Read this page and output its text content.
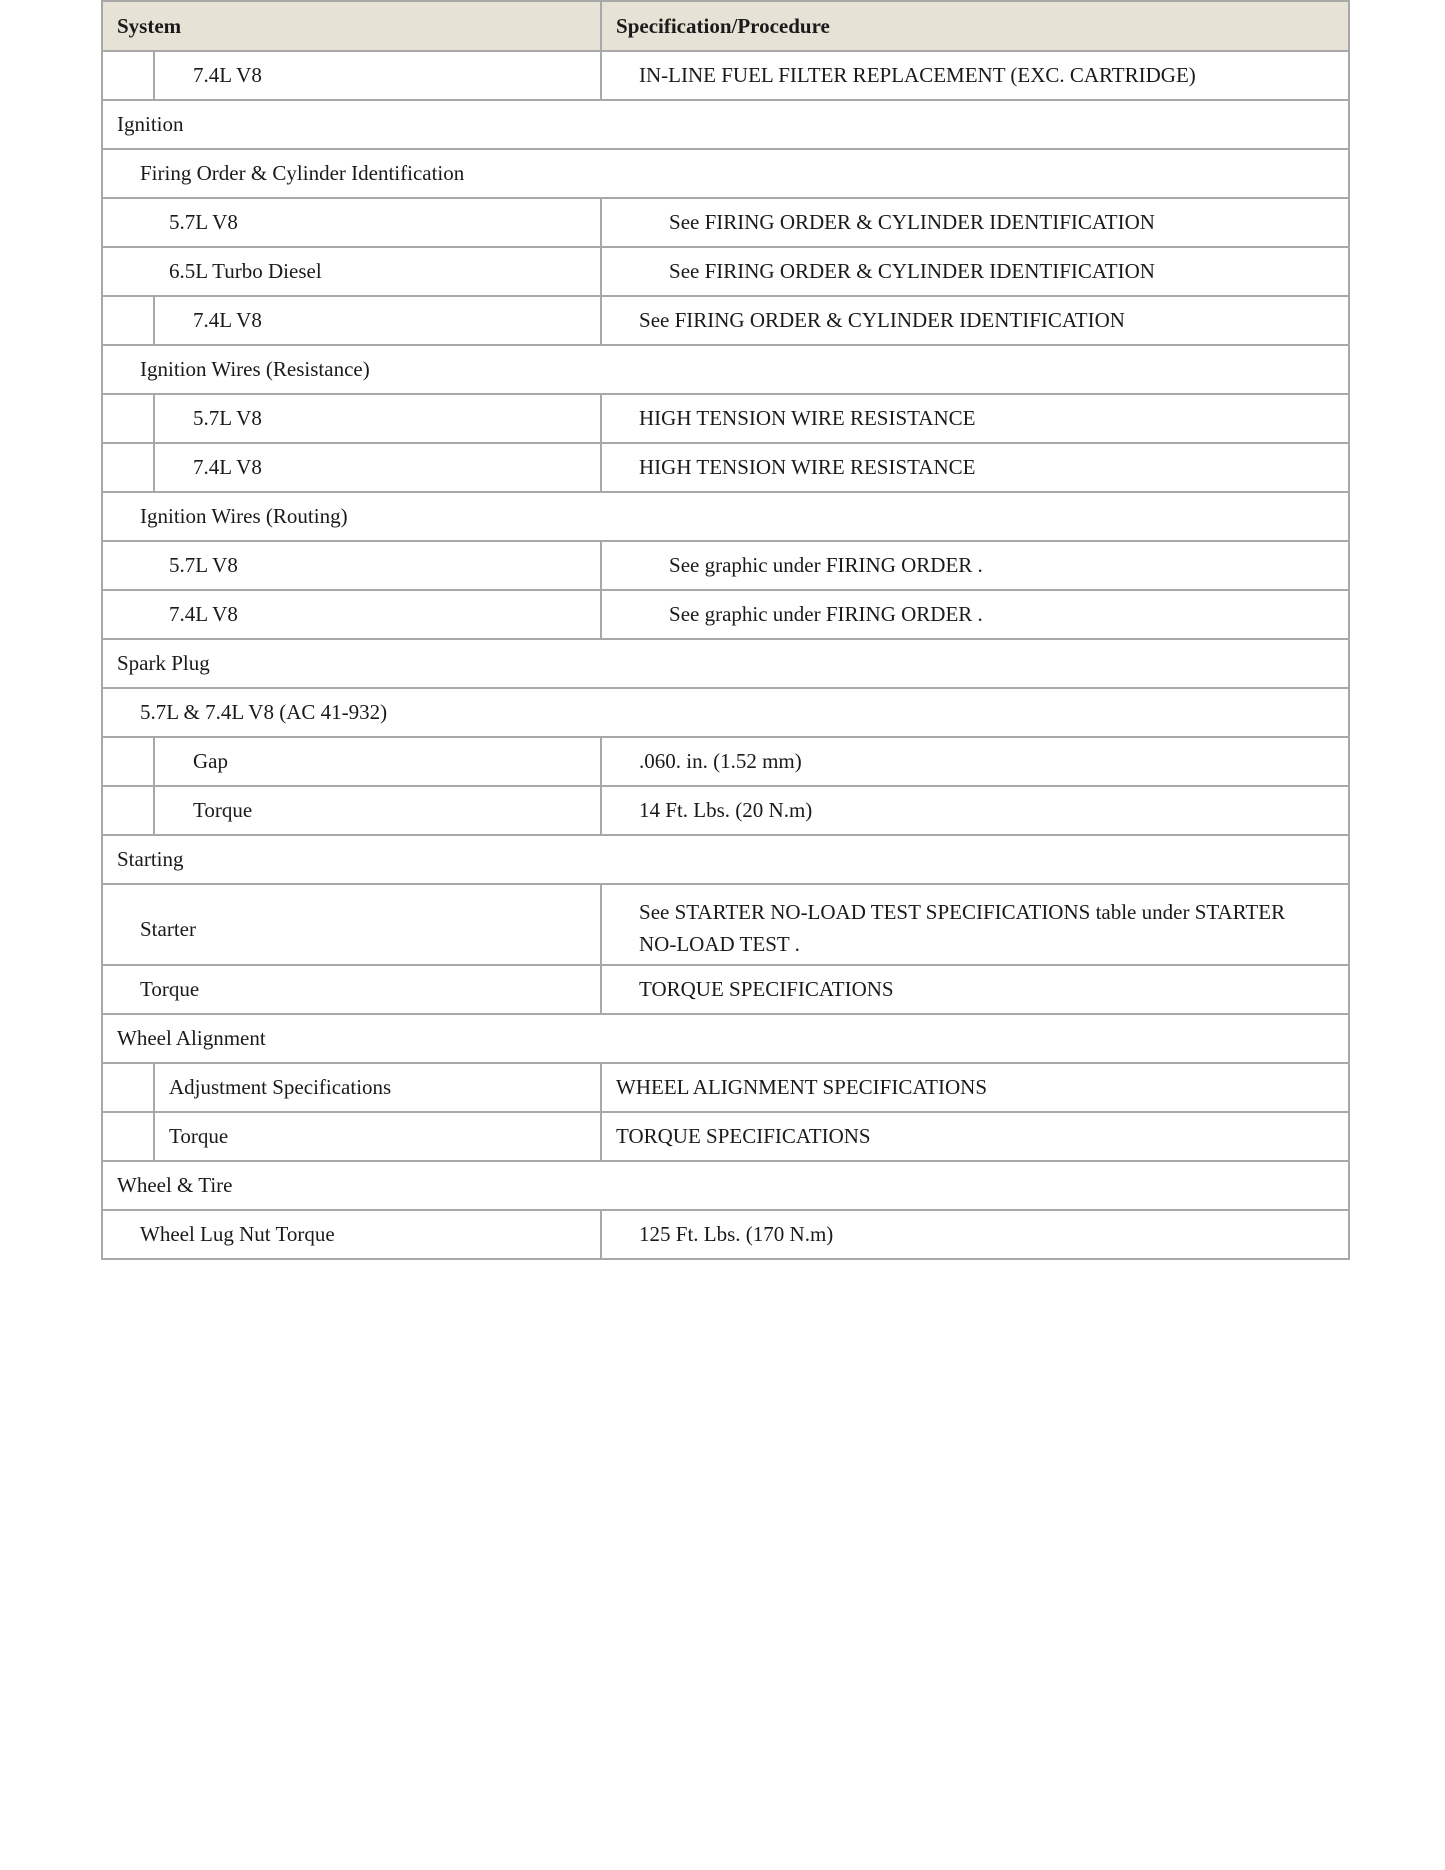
System		Specification/Procedure

	7.4L V8	IN-LINE FUEL FILTER REPLACEMENT (EXC. CARTRIDGE)

Ignition		

Firing Order & Cylinder Identification		

5.7L V8		See FIRING ORDER & CYLINDER IDENTIFICATION

6.5L Turbo Diesel		See FIRING ORDER & CYLINDER IDENTIFICATION

	7.4L V8	See FIRING ORDER & CYLINDER IDENTIFICATION

Ignition Wires (Resistance)		

	5.7L V8	HIGH TENSION WIRE RESISTANCE

	7.4L V8	HIGH TENSION WIRE RESISTANCE

Ignition Wires (Routing)		

5.7L V8		See graphic under FIRING ORDER .

7.4L V8		See graphic under FIRING ORDER .

Spark Plug		

5.7L & 7.4L V8 (AC 41-932)		

	Gap	.060. in. (1.52 mm)

	Torque	14 Ft. Lbs. (20 N.m)

Starting		

Starter		See STARTER NO-LOAD TEST SPECIFICATIONS table under STARTER NO-LOAD TEST .

Torque		TORQUE SPECIFICATIONS

Wheel Alignment		

	Adjustment Specifications	WHEEL ALIGNMENT SPECIFICATIONS

	Torque	TORQUE SPECIFICATIONS

Wheel & Tire		

Wheel Lug Nut Torque		125 Ft. Lbs. (170 N.m)
